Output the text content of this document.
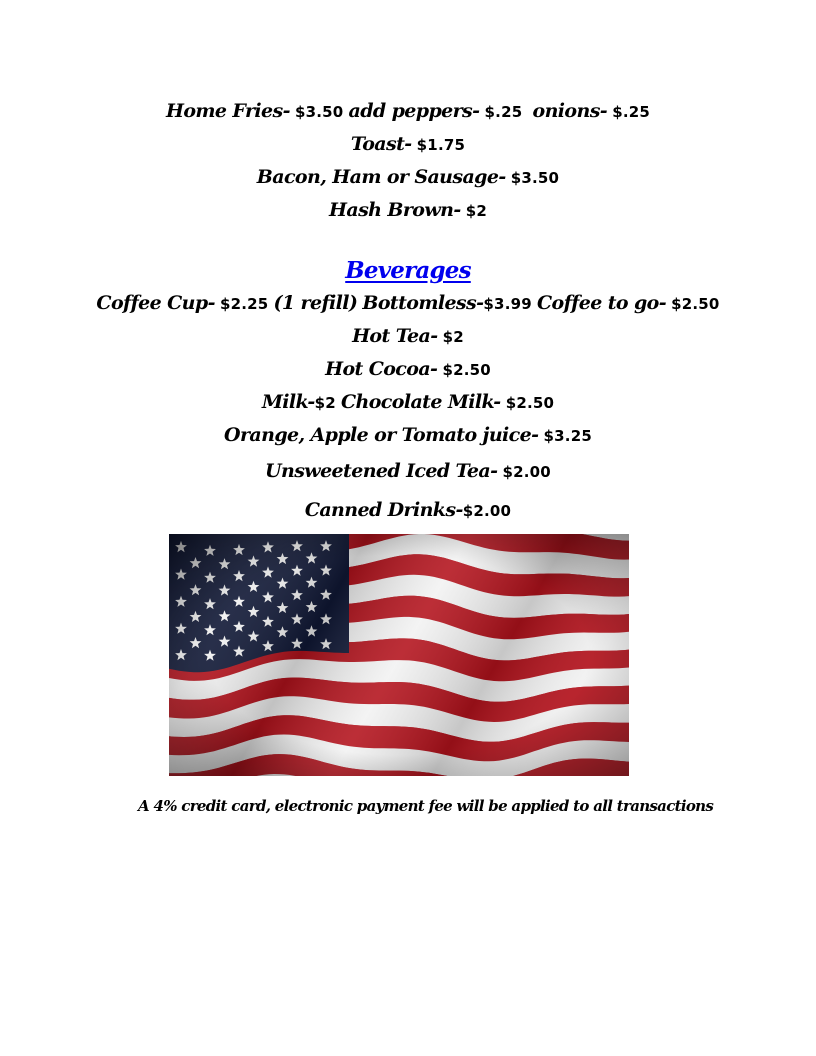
Home Fries- $3.50 add peppers- $.25 onions- $.25
Toast- $1.75
Bacon, Ham or Sausage- $3.50
Hash Brown- $2
Beverages
Coffee Cup- $2.25 (1 refill) Bottomless-$3.99 Coffee to go- $2.50
Hot Tea- $2
Hot Cocoa- $2.50
Milk-$2 Chocolate Milk- $2.50
Orange, Apple or Tomato juice- $3.25
Unsweetened Iced Tea- $2.00
Canned Drinks-$2.00
A 4% credit card, electronic payment fee will be applied to all transactions
